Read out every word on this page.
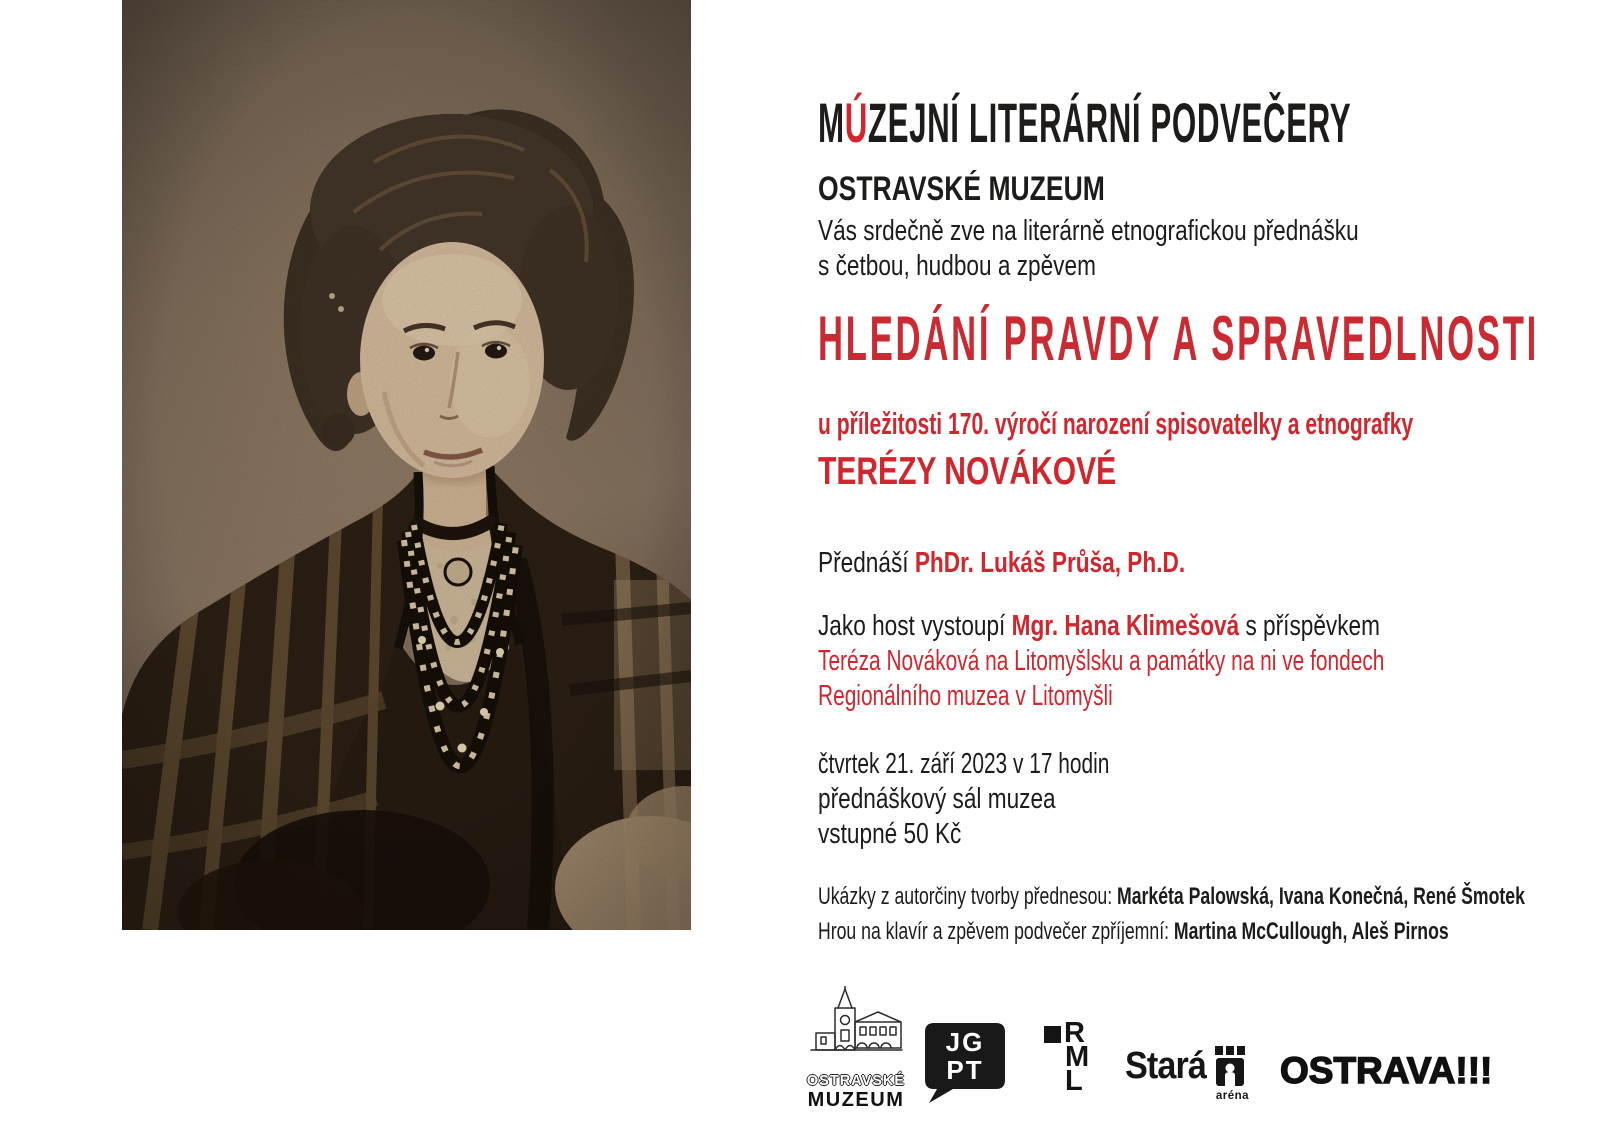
MÚZEJNÍ LITERÁRNÍ PODVEČERY
OSTRAVSKÉ MUZEUM
Vás srdečně zve na literárně etnografickou přednášku
s četbou, hudbou a zpěvem
HLEDÁNÍ PRAVDY A SPRAVEDLNOSTI
u příležitosti 170. výročí narození spisovatelky a etnografky
TERÉZY NOVÁKOVÉ
Přednáší PhDr. Lukáš Průša, Ph.D.
Jako host vystoupí Mgr. Hana Klimešová s příspěvkem
Teréza Nováková na Litomyšlsku a památky na ni ve fondech
Regionálního muzea v Litomyšli
čtvrtek 21. září 2023 v 17 hodin
přednáškový sál muzea
vstupné 50 Kč
Ukázky z autorčiny tvorby přednesou: Markéta Palowská, Ivana Konečná, René Šmotek
Hrou na klavír a zpěvem podvečer zpříjemní: Martina McCullough, Aleš Pirnos
OSTRAVSKÉ
MUZEUM
JG
PT
R
M
L Stará
aréna
OSTRAVA!!!
